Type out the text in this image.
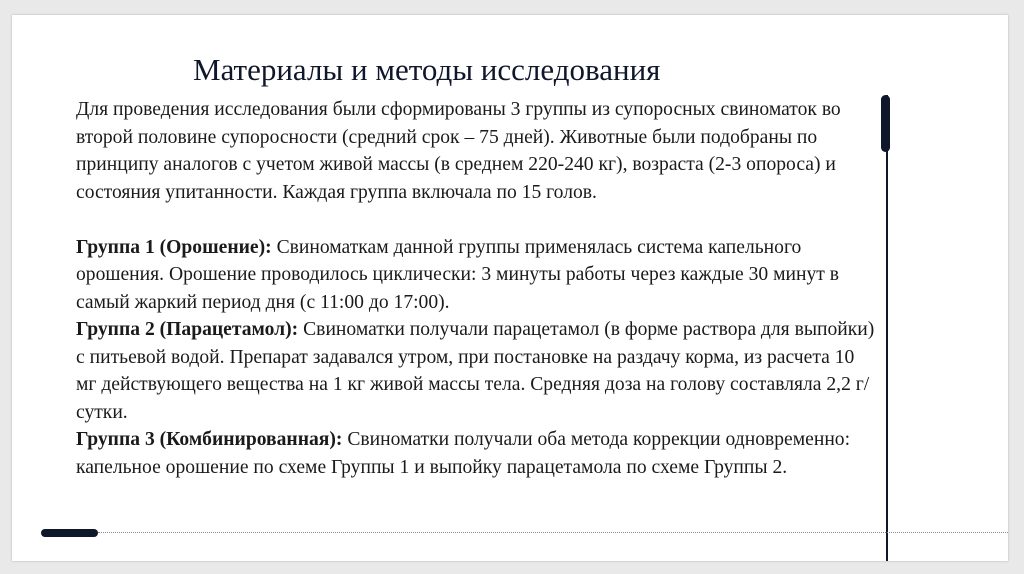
Материалы и методы исследования

Для проведения исследования были сформированы 3 группы из супоросных свиноматок во второй половине супоросности (средний срок – 75 дней). Животные были подобраны по принципу аналогов с учетом живой массы (в среднем 220-240 кг), возраста (2-3 опороса) и состояния упитанности. Каждая группа включала по 15 голов.

Группа 1 (Орошение): Свиноматкам данной группы применялась система капельного орошения. Орошение проводилось циклически: 3 минуты работы через каждые 30 минут в самый жаркий период дня (с 11:00 до 17:00).

Группа 2 (Парацетамол): Свиноматки получали парацетамол (в форме раствора для выпойки) с питьевой водой. Препарат задавался утром, при постановке на раздачу корма, из расчета 10 мг действующего вещества на 1 кг живой массы тела. Средняя доза на голову составляла 2,2 г/сутки.

Группа 3 (Комбинированная): Свиноматки получали оба метода коррекции одновременно: капельное орошение по схеме Группы 1 и выпойку парацетамола по схеме Группы 2.
